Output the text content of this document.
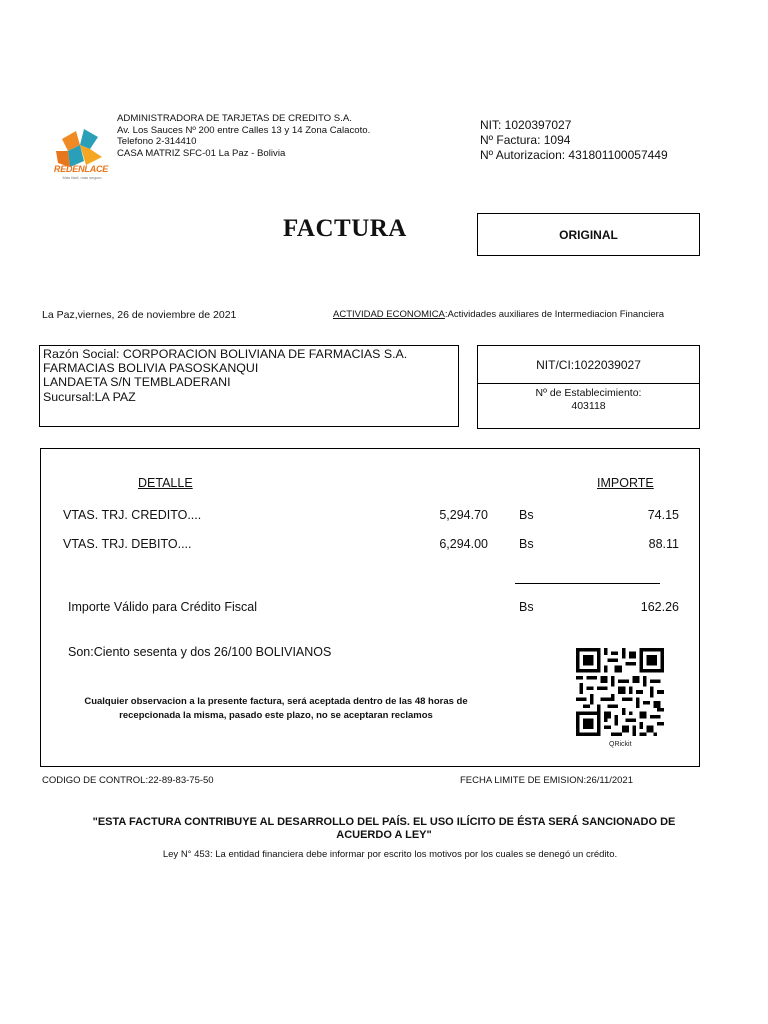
REDENLACE
Más fácil, más seguro
ADMINISTRADORA DE TARJETAS DE CREDITO S.A.
Av. Los Sauces Nº 200 entre Calles 13 y 14 Zona Calacoto.
Telefono 2-314410
CASA MATRIZ SFC-01 La Paz - Bolivia
NIT: 1020397027
Nº Factura: 1094
Nº Autorizacion: 431801100057449
FACTURA	ORIGINAL
La Paz,viernes, 26 de noviembre de 2021	ACTIVIDAD ECONOMICA:Actividades auxiliares de Intermediacion Financiera
Razón Social: CORPORACION BOLIVIANA DE FARMACIAS S.A.
FARMACIAS BOLIVIA PASOSKANQUI
LANDAETA S/N TEMBLADERANI
Sucursal:LA PAZ
NIT/CI:1022039027
Nº de Establecimiento:
403118
DETALLE	IMPORTE
VTAS. TRJ. CREDITO....	5,294.70 Bs	74.15
VTAS. TRJ. DEBITO....	6,294.00 Bs	88.11
Importe Válido para Crédito Fiscal	Bs	162.26
Son:Ciento sesenta y dos 26/100 BOLIVIANOS
Cualquier observacion a la presente factura, será aceptada dentro de las 48 horas de
recepcionada la misma, pasado este plazo, no se aceptaran reclamos
QRickit
CODIGO DE CONTROL:22-89-83-75-50	FECHA LIMITE DE EMISION:26/11/2021
"ESTA FACTURA CONTRIBUYE AL DESARROLLO DEL PAÍS. EL USO ILÍCITO DE ÉSTA SERÁ SANCIONADO DE
ACUERDO A LEY"
Ley N° 453: La entidad financiera debe informar por escrito los motivos por los cuales se denegó un crédito.
